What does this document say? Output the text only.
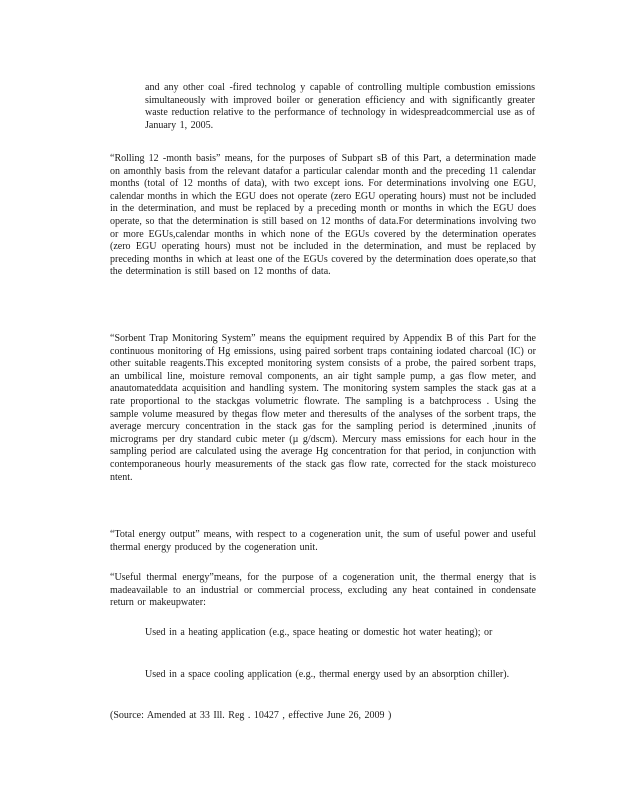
and any other coal -fired technolog y capable of controlling multiple combustion emissions simultaneously with improved boiler or generation efficiency and with significantly greater waste reduction relative to the performance of technology in widespreadcommercial use as of January 1, 2005.

“Rolling 12 -month basis” means, for the purposes of Subpart sB of this Part, a determination made on amonthly basis from the relevant datafor a particular calendar month and the preceding 11 calendar months (total of 12 months of data), with two except ions. For determinations involving one EGU, calendar months in which the EGU does not operate (zero EGU operating hours) must not be included in the determination, and must be replaced by a preceding month or months in which the EGU does operate, so that the determination is still based on 12 months of data.For determinations involving two or more EGUs,calendar months in which none of the EGUs covered by the determination operates (zero EGU operating hours) must not be included in the determination, and must be replaced by preceding months in which at least one of the EGUs covered by the determination does operate,so that the determination is still based on 12 months of data.

“Sorbent Trap Monitoring System” means the equipment required by Appendix B of this Part for the continuous monitoring of Hg emissions, using paired sorbent traps containing iodated charcoal (IC) or other suitable reagents.This excepted monitoring system consists of a probe, the paired sorbent traps, an umbilical line, moisture removal components, an air tight sample pump, a gas flow meter, and anautomateddata acquisition and handling system. The monitoring system samples the stack gas at a rate proportional to the stackgas volumetric flowrate. The sampling is a batchprocess . Using the sample volume measured by thegas flow meter and theresults of the analyses of the sorbent traps, the average mercury concentration in the stack gas for the sampling period is determined ,inunits of micrograms per dry standard cubic meter (µ g/dscm). Mercury mass emissions for each hour in the sampling period are calculated using the average Hg concentration for that period, in conjunction with contemporaneous hourly measurements of the stack gas flow rate, corrected for the stack moistureco ntent.

“Total energy output” means, with respect to a cogeneration unit, the sum of useful power and useful thermal energy produced by the cogeneration unit.

“Useful thermal energy”means, for the purpose of a cogeneration unit, the thermal energy that is madeavailable to an industrial or commercial process, excluding any heat contained in condensate return or makeupwater:

Used in a heating application (e.g., space heating or domestic hot water heating); or

Used in a space cooling application (e.g., thermal energy used by an absorption chiller).

(Source: Amended at 33 Ill. Reg . 10427 , effective June 26, 2009 )
